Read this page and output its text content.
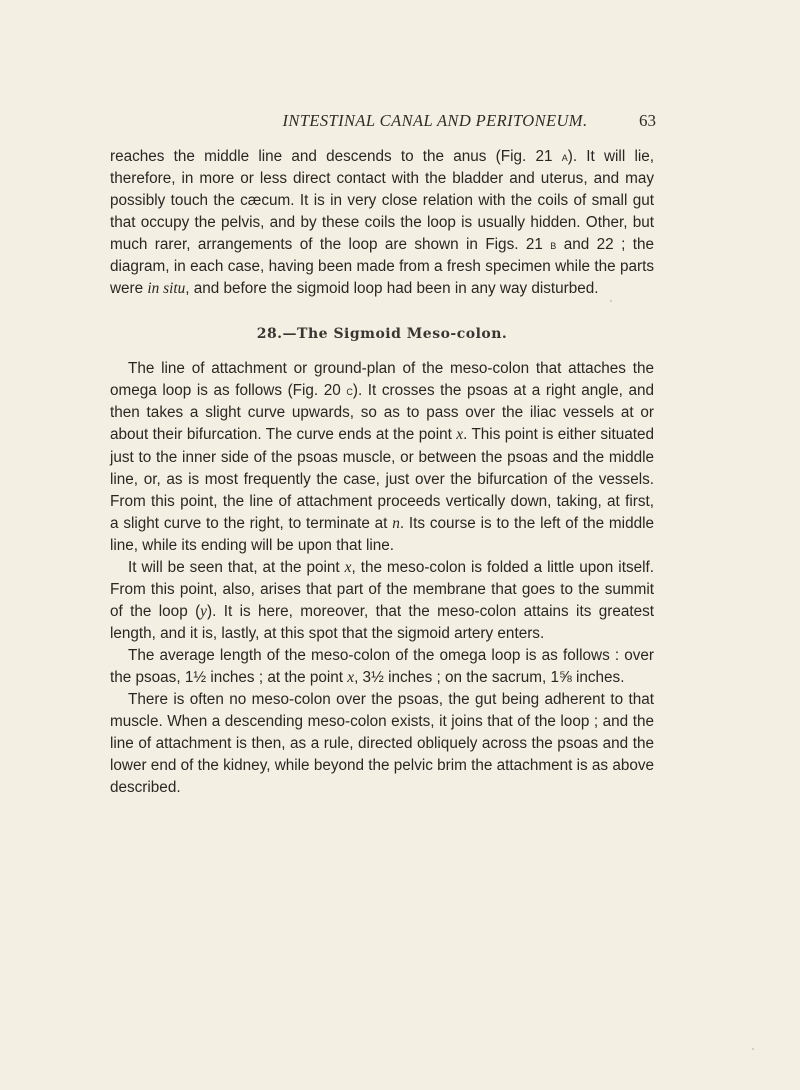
INTESTINAL CANAL AND PERITONEUM.	63

reaches the middle line and descends to the anus (Fig. 21 a). It will lie, therefore, in more or less direct contact with the bladder and uterus, and may possibly touch the cæcum. It is in very close relation with the coils of small gut that occupy the pelvis, and by these coils the loop is usually hidden. Other, but much rarer, arrangements of the loop are shown in Figs. 21 b and 22 ; the diagram, in each case, having been made from a fresh specimen while the parts were in situ, and before the sigmoid loop had been in any way disturbed.

28.—The Sigmoid Meso-colon.

The line of attachment or ground-plan of the meso-colon that attaches the omega loop is as follows (Fig. 20 c). It crosses the psoas at a right angle, and then takes a slight curve upwards, so as to pass over the iliac vessels at or about their bifurcation. The curve ends at the point x. This point is either situated just to the inner side of the psoas muscle, or between the psoas and the middle line, or, as is most frequently the case, just over the bifurcation of the vessels. From this point, the line of attachment proceeds vertically down, taking, at first, a slight curve to the right, to terminate at n. Its course is to the left of the middle line, while its ending will be upon that line.

It will be seen that, at the point x, the meso-colon is folded a little upon itself. From this point, also, arises that part of the membrane that goes to the summit of the loop (y). It is here, moreover, that the meso-colon attains its greatest length, and it is, lastly, at this spot that the sigmoid artery enters.

The average length of the meso-colon of the omega loop is as follows : over the psoas, 1½ inches ; at the point x, 3½ inches ; on the sacrum, 1⅝ inches.

There is often no meso-colon over the psoas, the gut being adherent to that muscle. When a descending meso-colon exists, it joins that of the loop ; and the line of attachment is then, as a rule, directed obliquely across the psoas and the lower end of the kidney, while beyond the pelvic brim the attachment is as above described.
